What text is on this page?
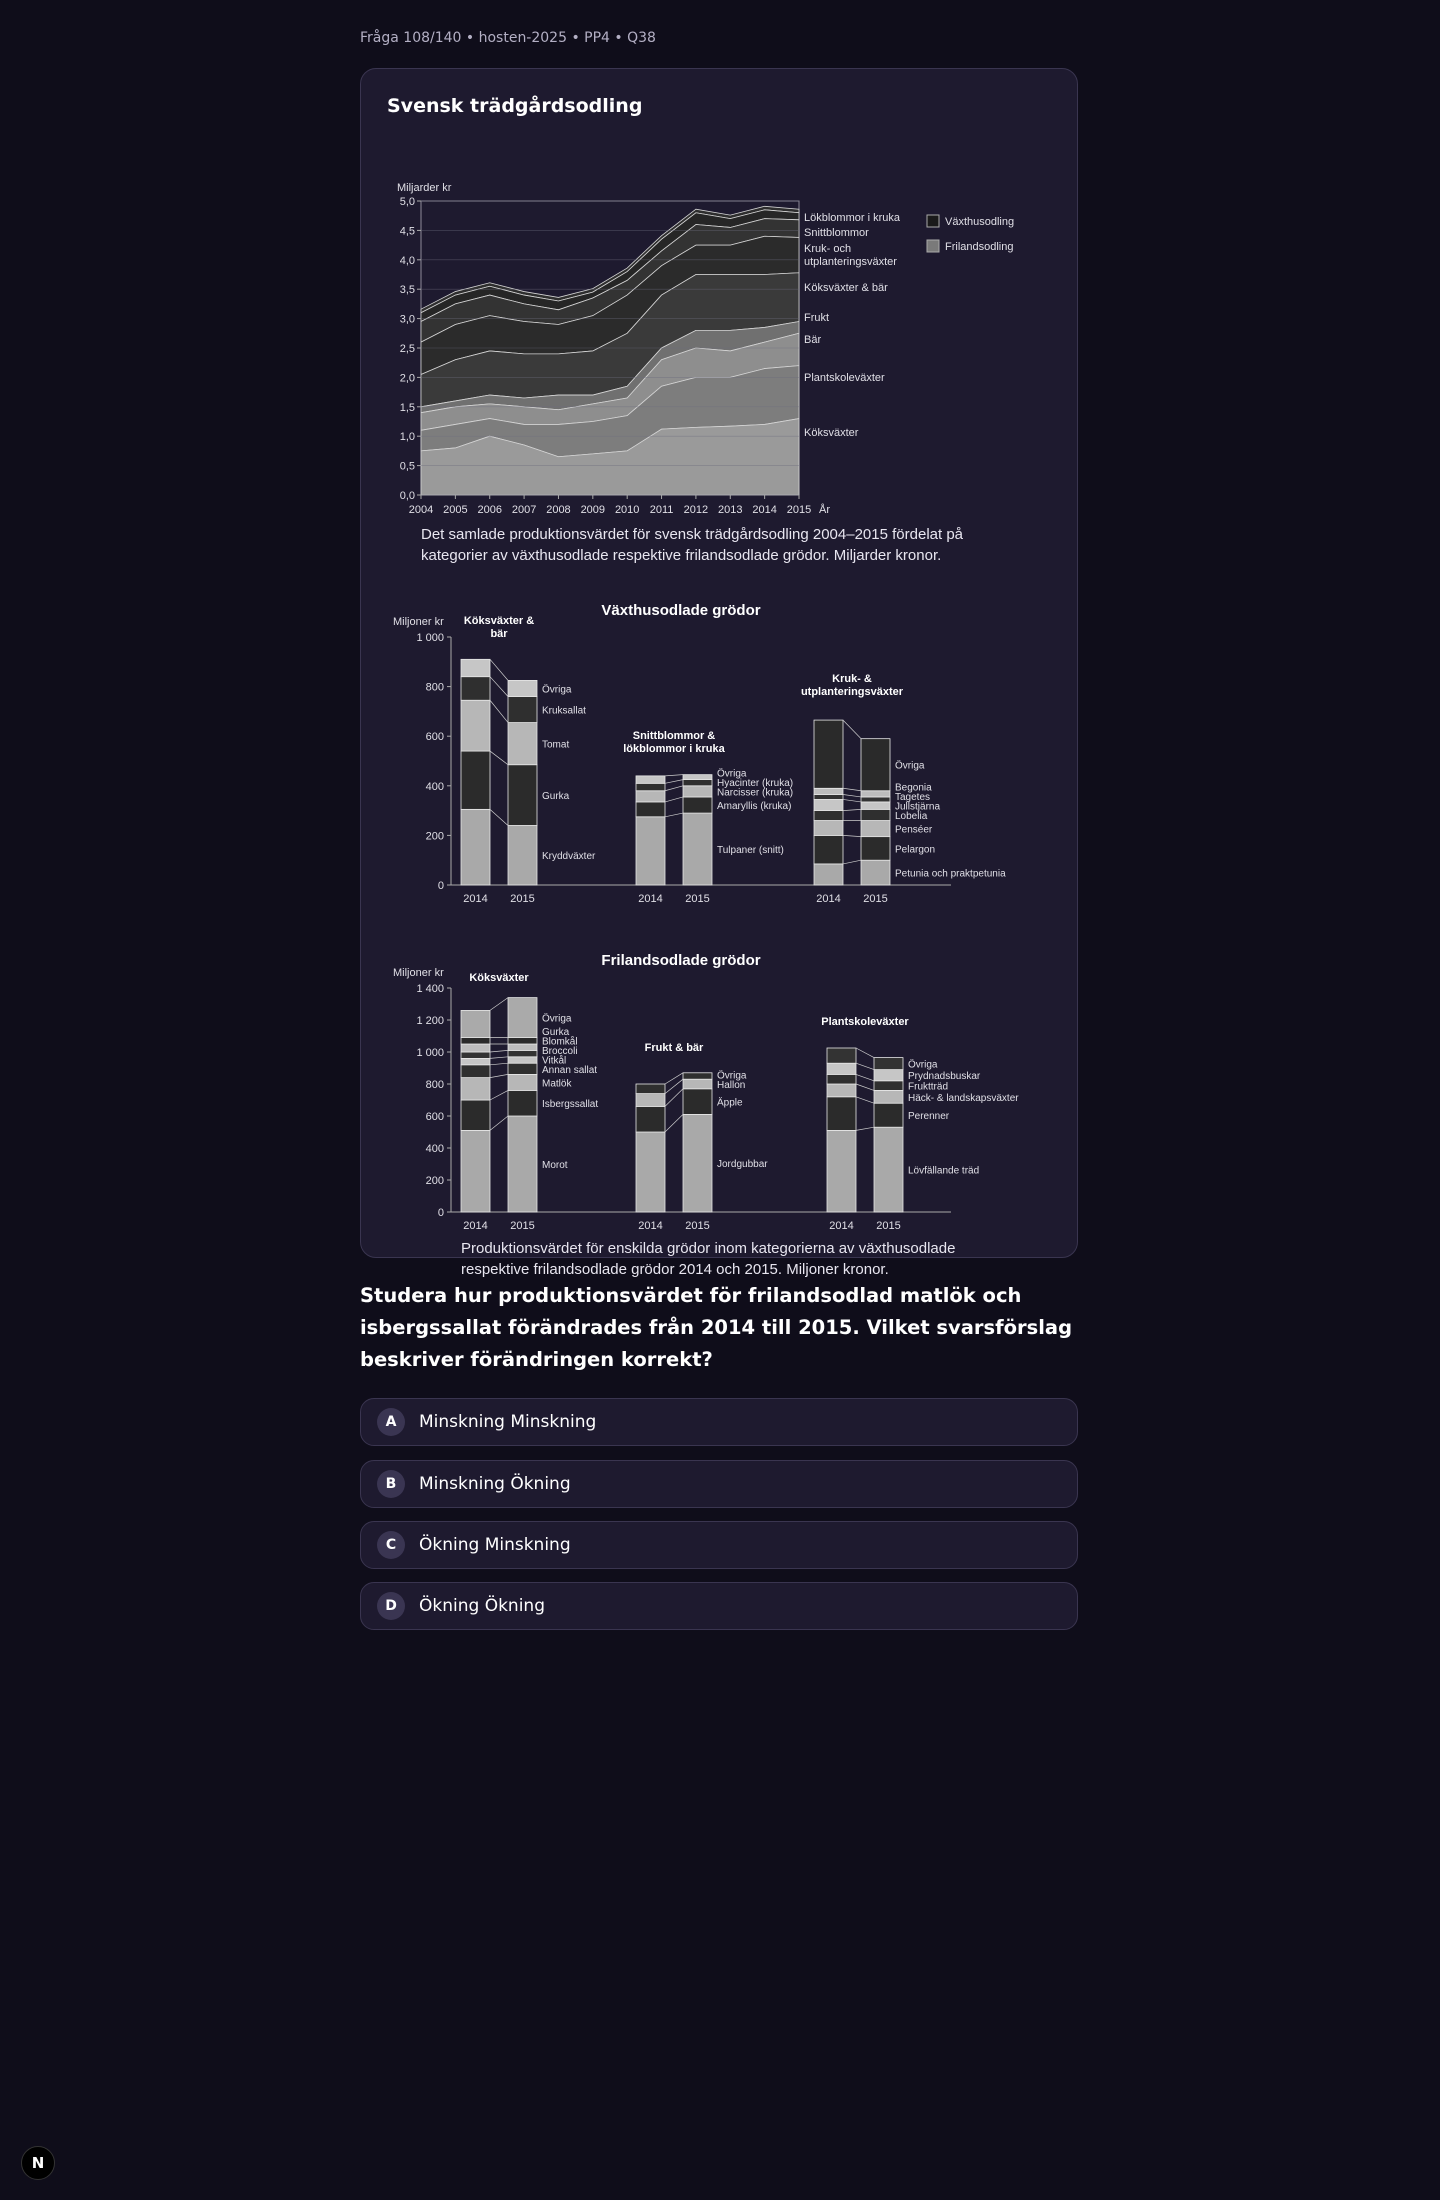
Fråga 108/140 • hosten-2025 • PP4 • Q38
Svensk trädgårdsodling
0,0
0,5
1,0
1,5
2,0
2,5
3,0
3,5
4,0
4,5
5,0
Miljarder kr
2004 2005 2006 2007 2008 2009 2010 2011 2012 2013 2014 2015 År
Lökblommor i kruka
Snittblommor
Kruk- och
utplanteringsväxter
Köksväxter & bär
Frukt
Bär
Plantskoleväxter
Köksväxter
Växthusodling
Frilandsodling
Det samlade produktionsvärdet för svensk trädgårdsodling 2004–2015 fördelat på
kategorier av växthusodlade respektive frilandsodlade grödor. Miljarder kronor.
Växthusodlade grödor
Miljoner kr
0
200
400
600
800
1 000
2014 2015
Köksväxter &
bär
Kryddväxter
Gurka
Tomat
Kruksallat
Övriga
2014 2015
Snittblommor &
lökblommor i kruka
Tulpaner (snitt)
Amaryllis (kruka)
Narcisser (kruka)
Hyacinter (kruka)
Övriga
2014 2015
Kruk- &
utplanteringsväxter
Petunia och praktpetunia
Pelargon
Penséer
Lobelia
Jullstjärna
Tagetes
Begonia
Övriga
Frilandsodlade grödor
Miljoner kr
0
200
400
600
800
1 000
1 200
1 400
2014 2015
Köksväxter
Morot
Isbergssallat
Matlök
Annan sallat
Vitkål
Broccoli
Blomkål
Gurka
Övriga
2014 2015
Frukt & bär
Jordgubbar
Äpple
Hallon
Övriga
2014 2015
Plantskoleväxter
Lövfällande träd
Perenner
Häck- & landskapsväxter
Fruktträd
Prydnadsbuskar
Övriga
Produktionsvärdet för enskilda grödor inom kategorierna av växthusodlade
respektive frilandsodlade grödor 2014 och 2015. Miljoner kronor.
Studera hur produktionsvärdet för frilandsodlad matlök och isbergssallat förändrades från 2014 till 2015. Vilket svarsförslag beskriver förändringen korrekt?
A	Minskning Minskning
B	Minskning Ökning
C	Ökning Minskning
D	Ökning Ökning
N
